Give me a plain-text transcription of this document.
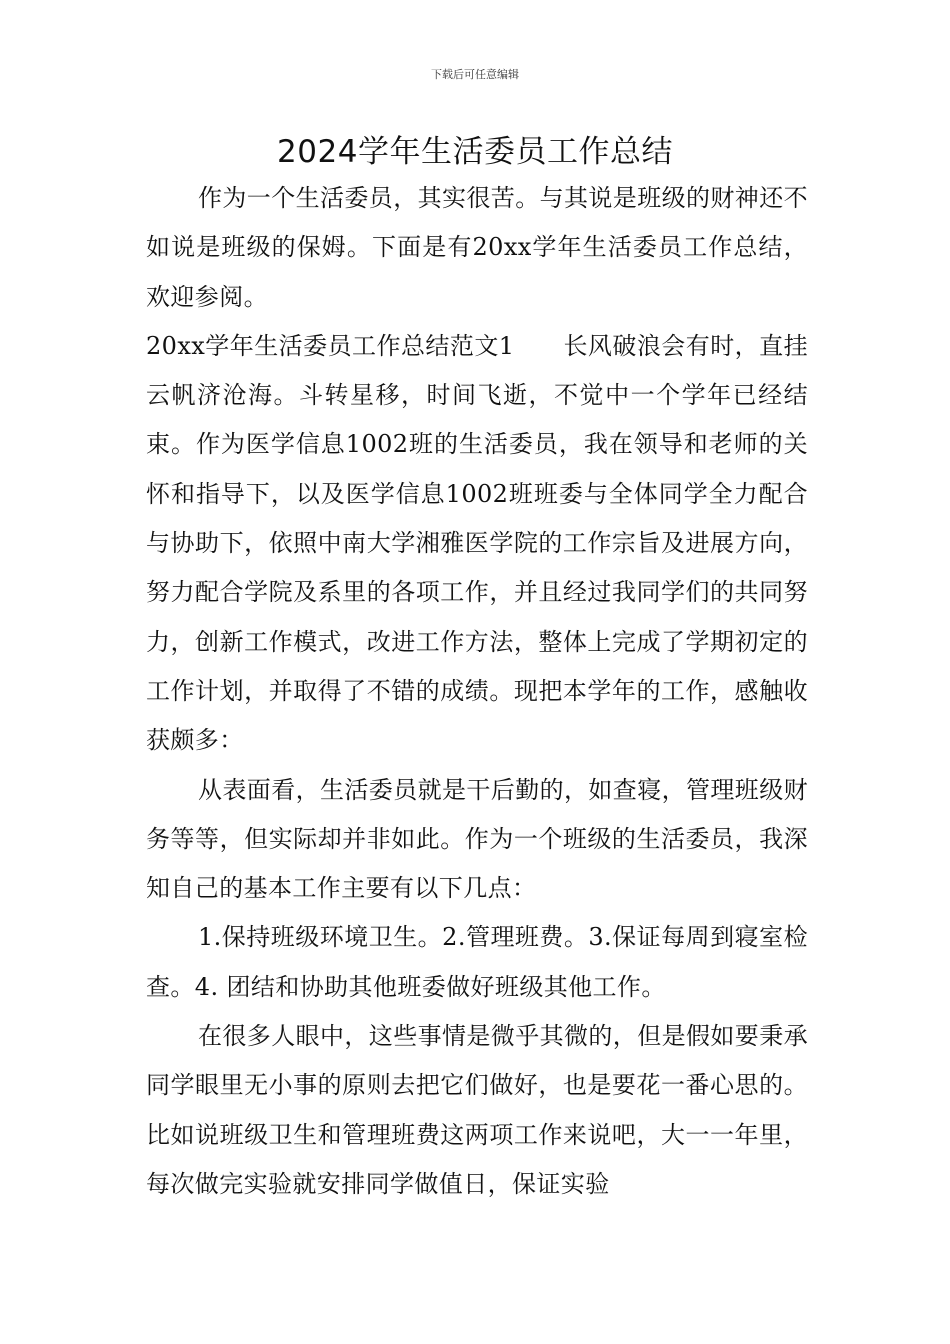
下载后可任意编辑
2024学年生活委员工作总结

作为一个生活委员，其实很苦。与其说是班级的财神还不如说是班级的保姆。下面是有20xx学年生活委员工作总结，欢迎参阅。

20xx学年生活委员工作总结范文1　　长风破浪会有时，直挂云帆济沧海。斗转星移，时间飞逝，不觉中一个学年已经结束。作为医学信息1002班的生活委员，我在领导和老师的关怀和指导下，以及医学信息1002班班委与全体同学全力配合与协助下，依照中南大学湘雅医学院的工作宗旨及进展方向，努力配合学院及系里的各项工作，并且经过我同学们的共同努力，创新工作模式，改进工作方法，整体上完成了学期初定的工作计划，并取得了不错的成绩。现把本学年的工作，感触收获颇多：

从表面看，生活委员就是干后勤的，如查寝，管理班级财务等等，但实际却并非如此。作为一个班级的生活委员，我深知自己的基本工作主要有以下几点：

1.保持班级环境卫生。2.管理班费。3.保证每周到寝室检查。4. 团结和协助其他班委做好班级其他工作。

在很多人眼中，这些事情是微乎其微的，但是假如要秉承同学眼里无小事的原则去把它们做好，也是要花一番心思的。比如说班级卫生和管理班费这两项工作来说吧，大一一年里，每次做完实验就安排同学做值日，保证实验
